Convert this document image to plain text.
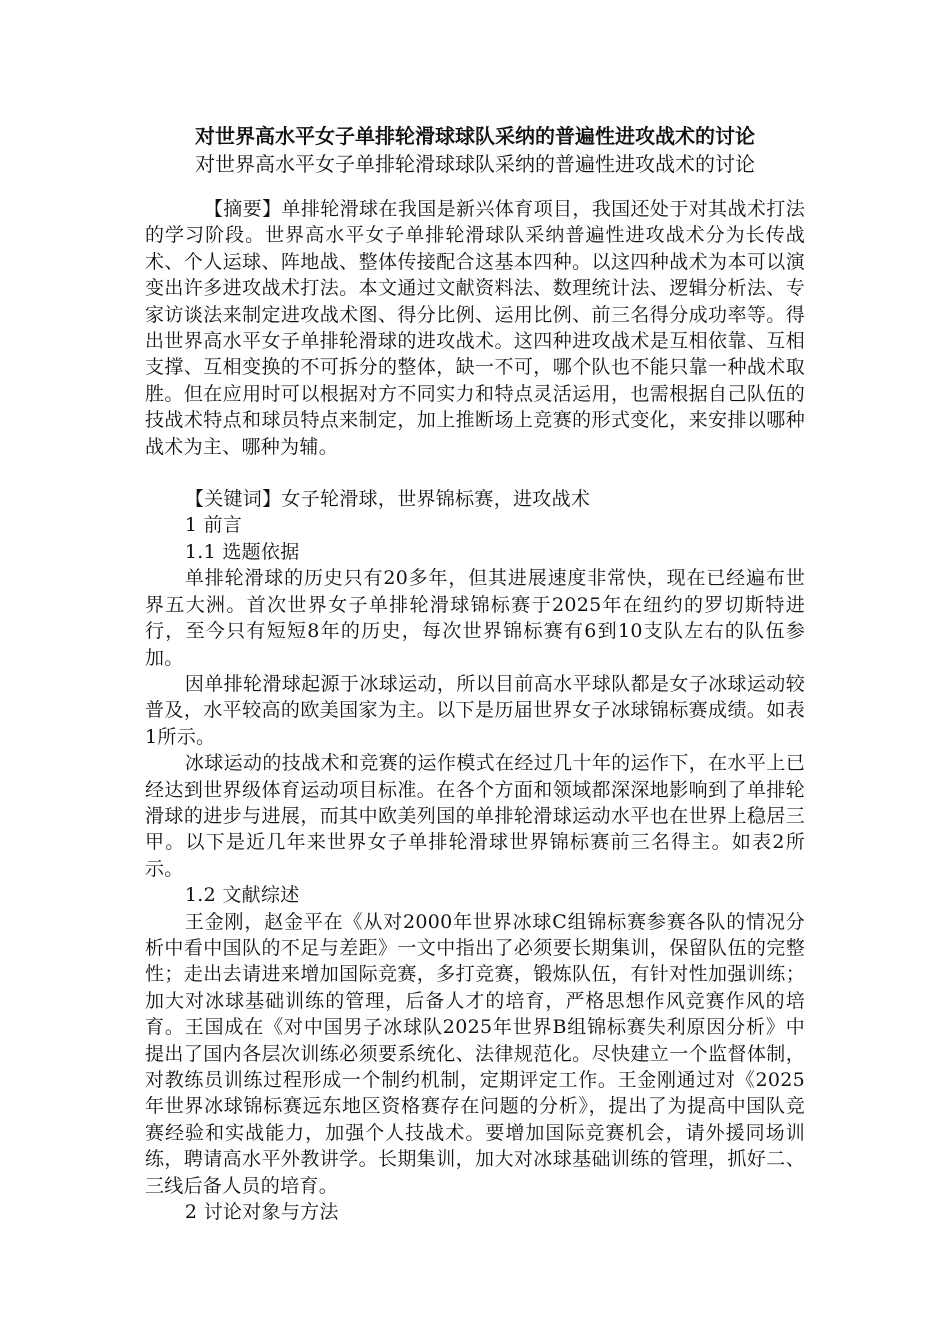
对世界高水平女子单排轮滑球球队采纳的普遍性进攻战术的讨论
对世界高水平女子单排轮滑球球队采纳的普遍性进攻战术的讨论

【摘要】单排轮滑球在我国是新兴体育项目，我国还处于对其战术打法的学习阶段。世界高水平女子单排轮滑球队采纳普遍性进攻战术分为长传战术、个人运球、阵地战、整体传接配合这基本四种。以这四种战术为本可以演变出许多进攻战术打法。本文通过文献资料法、数理统计法、逻辑分析法、专家访谈法来制定进攻战术图、得分比例、运用比例、前三名得分成功率等。得出世界高水平女子单排轮滑球的进攻战术。这四种进攻战术是互相依靠、互相支撑、互相变换的不可拆分的整体，缺一不可，哪个队也不能只靠一种战术取胜。但在应用时可以根据对方不同实力和特点灵活运用，也需根据自己队伍的技战术特点和球员特点来制定，加上推断场上竞赛的形式变化，来安排以哪种战术为主、哪种为辅。

【关键词】女子轮滑球，世界锦标赛，进攻战术

1 前言

1.1 选题依据

单排轮滑球的历史只有20多年，但其进展速度非常快，现在已经遍布世界五大洲。首次世界女子单排轮滑球锦标赛于2025年在纽约的罗切斯特进行，至今只有短短8年的历史，每次世界锦标赛有6到10支队左右的队伍参加。

因单排轮滑球起源于冰球运动，所以目前高水平球队都是女子冰球运动较普及，水平较高的欧美国家为主。以下是历届世界女子冰球锦标赛成绩。如表1所示。

冰球运动的技战术和竞赛的运作模式在经过几十年的运作下，在水平上已经达到世界级体育运动项目标准。在各个方面和领域都深深地影响到了单排轮滑球的进步与进展，而其中欧美列国的单排轮滑球运动水平也在世界上稳居三甲。以下是近几年来世界女子单排轮滑球世界锦标赛前三名得主。如表2所示。

1.2 文献综述

王金刚，赵金平在《从对2000年世界冰球C组锦标赛参赛各队的情况分析中看中国队的不足与差距》一文中指出了必须要长期集训，保留队伍的完整性；走出去请进来增加国际竞赛，多打竞赛，锻炼队伍，有针对性加强训练；加大对冰球基础训练的管理，后备人才的培育，严格思想作风竞赛作风的培育。王国成在《对中国男子冰球队2025年世界B组锦标赛失利原因分析》中提出了国内各层次训练必须要系统化、法律规范化。尽快建立一个监督体制，对教练员训练过程形成一个制约机制，定期评定工作。王金刚通过对《2025年世界冰球锦标赛远东地区资格赛存在问题的分析》，提出了为提高中国队竞赛经验和实战能力，加强个人技战术。要增加国际竞赛机会，请外援同场训练，聘请高水平外教讲学。长期集训，加大对冰球基础训练的管理，抓好二、三线后备人员的培育。

2 讨论对象与方法
